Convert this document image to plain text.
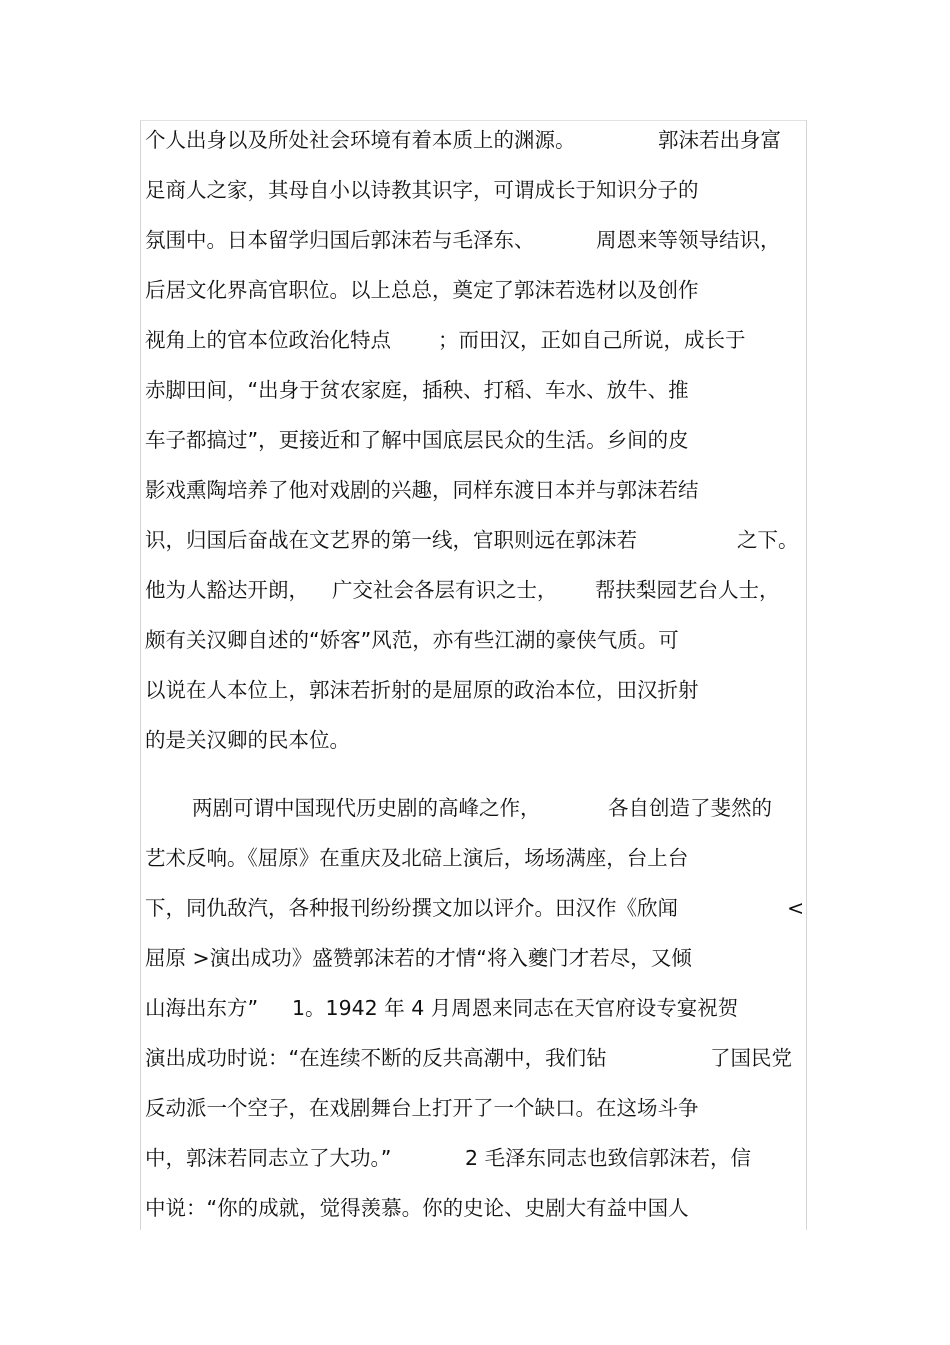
个人出身以及所处社会环境有着本质上的渊源。

	郭沫若出身富

足商人之家，其母自小以诗教其识字，可谓成长于知识分子的

氛围中。日本留学归国后郭沫若与毛泽东、

	周恩来等领导结识，

后居文化界高官职位。以上总总，奠定了郭沫若选材以及创作

视角上的官本位政治化特点

；而田汉，正如自己所说，成长于

赤脚田间，“出身于贫农家庭，插秧、打稻、车水、放牛、推

车子都搞过”，更接近和了解中国底层民众的生活。乡间的皮

影戏熏陶培养了他对戏剧的兴趣，同样东渡日本并与郭沫若结

识，归国后奋战在文艺界的第一线，官职则远在郭沫若

	之下。

他为人豁达开朗，

广交社会各层有识之士，

帮扶梨园艺台人士，

颇有关汉卿自述的“娇客”风范，亦有些江湖的豪侠气质。可

以说在人本位上，郭沫若折射的是屈原的政治本位，田汉折射

的是关汉卿的民本位。

两剧可谓中国现代历史剧的高峰之作，

	各自创造了斐然的

艺术反响。《屈原》在重庆及北碚上演后，场场满座，台上台

下，同仇敌汽，各种报刊纷纷撰文加以评介。田汉作《欣闻

	<

屈原 >演出成功》盛赞郭沫若的才情“将入夔门才若尽，又倾

山海出东方”

1。1942 年 4 月周恩来同志在天官府设专宴祝贺

演出成功时说：“在连续不断的反共高潮中，我们钻

	了国民党

反动派一个空子，在戏剧舞台上打开了一个缺口。在这场斗争

中，郭沫若同志立了大功。”

	2 毛泽东同志也致信郭沫若，信

中说：“你的成就，觉得羡慕。你的史论、史剧大有益中国人
